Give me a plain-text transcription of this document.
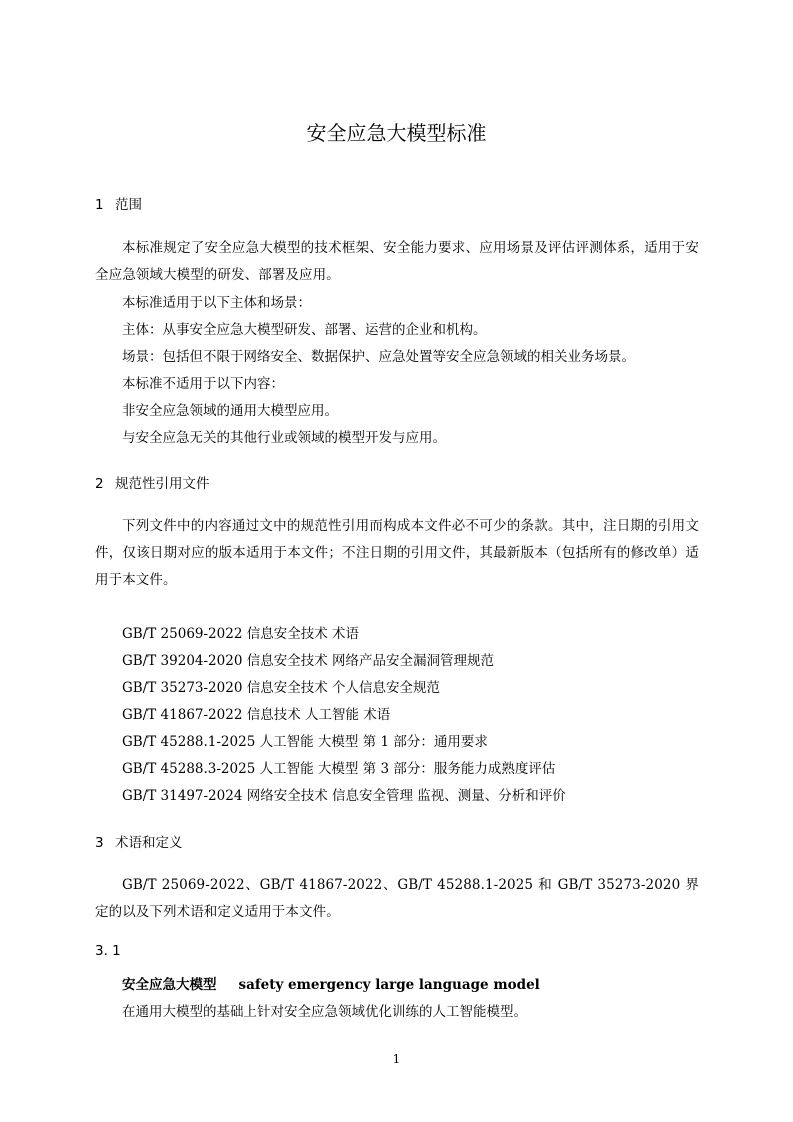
安全应急大模型标准
1 范围
本标准规定了安全应急大模型的技术框架、安全能力要求、应用场景及评估评测体系，适用于安全应急领域大模型的研发、部署及应用。
本标准适用于以下主体和场景：
主体：从事安全应急大模型研发、部署、运营的企业和机构。
场景：包括但不限于网络安全、数据保护、应急处置等安全应急领域的相关业务场景。
本标准不适用于以下内容：
非安全应急领域的通用大模型应用。
与安全应急无关的其他行业或领域的模型开发与应用。
2 规范性引用文件
下列文件中的内容通过文中的规范性引用而构成本文件必不可少的条款。其中，注日期的引用文件，仅该日期对应的版本适用于本文件；不注日期的引用文件，其最新版本（包括所有的修改单）适用于本文件。
GB/T 25069-2022 信息安全技术 术语
GB/T 39204-2020 信息安全技术 网络产品安全漏洞管理规范
GB/T 35273-2020 信息安全技术 个人信息安全规范
GB/T 41867-2022 信息技术 人工智能 术语
GB/T 45288.1-2025 人工智能 大模型 第 1 部分：通用要求
GB/T 45288.3-2025 人工智能 大模型 第 3 部分：服务能力成熟度评估
GB/T 31497-2024 网络安全技术 信息安全管理 监视、测量、分析和评价
3 术语和定义
GB/T 25069-2022、GB/T 41867-2022、GB/T 45288.1-2025 和 GB/T 35273-2020 界定的以及下列术语和定义适用于本文件。
3. 1
安全应急大模型 safety emergency large language model
在通用大模型的基础上针对安全应急领域优化训练的人工智能模型。
1
